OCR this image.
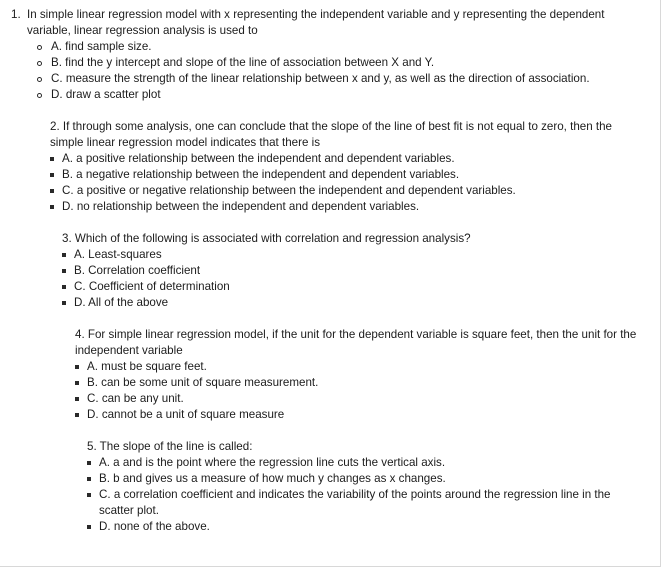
1. In simple linear regression model with x representing the independent variable and y representing the dependent variable, linear regression analysis is used to

A. find sample size.
B. find the y intercept and slope of the line of association between X and Y.
C. measure the strength of the linear relationship between x and y, as well as the direction of association.
D. draw a scatter plot

2. If through some analysis, one can conclude that the slope of the line of best fit is not equal to zero, then the simple linear regression model indicates that there is

A. a positive relationship between the independent and dependent variables.
B. a negative relationship between the independent and dependent variables.
C. a positive or negative relationship between the independent and dependent variables.
D. no relationship between the independent and dependent variables.

3. Which of the following is associated with correlation and regression analysis?

A. Least-squares
B. Correlation coefficient
C. Coefficient of determination
D. All of the above

4. For simple linear regression model, if the unit for the dependent variable is square feet, then the unit for the independent variable

A. must be square feet.
B. can be some unit of square measurement.
C. can be any unit.
D. cannot be a unit of square measure

5. The slope of the line is called:

A. a and is the point where the regression line cuts the vertical axis.
B. b and gives us a measure of how much y changes as x changes.
C. a correlation coefficient and indicates the variability of the points around the regression line in the scatter plot.
D. none of the above.
